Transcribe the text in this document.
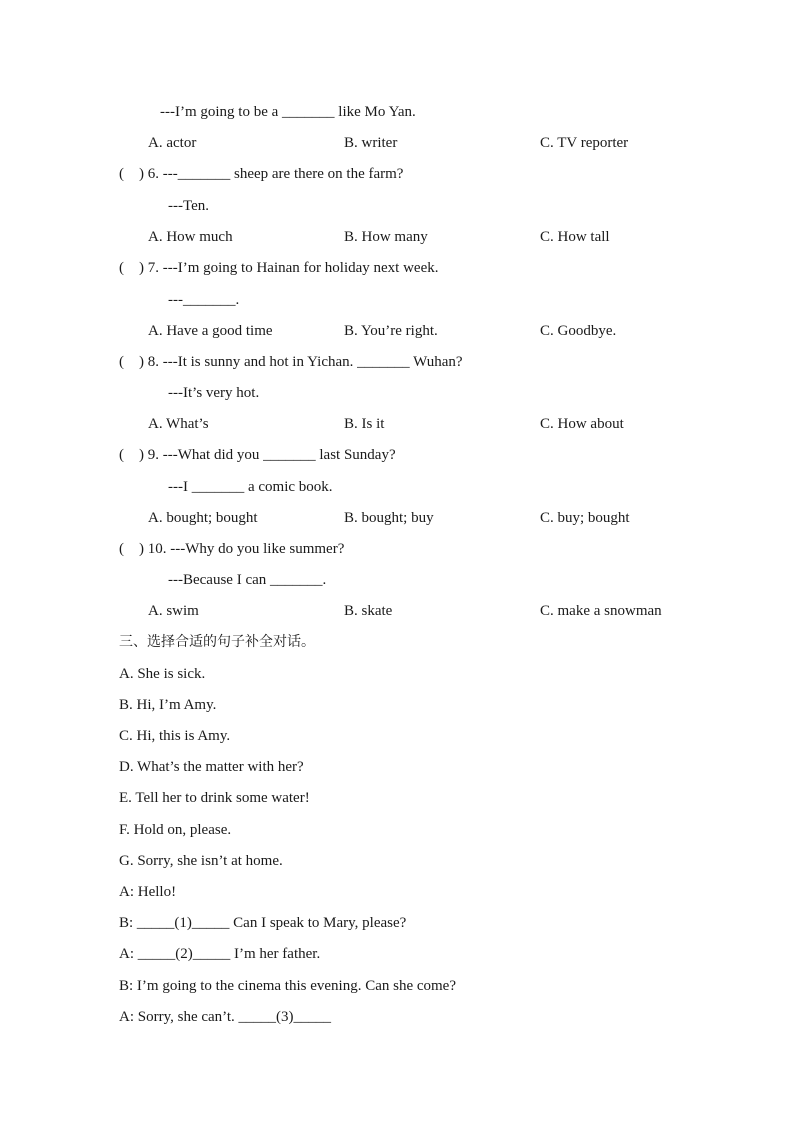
---I’m going to be a _______ like Mo Yan.
A. actor	B. writer	C. TV reporter
(    ) 6. ---_______ sheep are there on the farm?
---Ten.
A. How much	B. How many	C. How tall
(    ) 7. ---I’m going to Hainan for holiday next week.
---_______.
A. Have a good time	B. You’re right.	C. Goodbye.
(    ) 8. ---It is sunny and hot in Yichan. _______ Wuhan?
---It’s very hot.
A. What’s	B. Is it	C. How about
(    ) 9. ---What did you _______ last Sunday?
---I _______ a comic book.
A. bought; bought	B. bought; buy	C. buy; bought
(    ) 10. ---Why do you like summer?
---Because I can _______.
A. swim	B. skate	C. make a snowman
三、选择合适的句子补全对话。
A. She is sick.
B. Hi, I’m Amy.
C. Hi, this is Amy.
D. What’s the matter with her?
E. Tell her to drink some water!
F. Hold on, please.
G. Sorry, she isn’t at home.
A: Hello!
B: _____(1)_____ Can I speak to Mary, please?
A: _____(2)_____ I’m her father.
B: I’m going to the cinema this evening. Can she come?
A: Sorry, she can’t. _____(3)_____
